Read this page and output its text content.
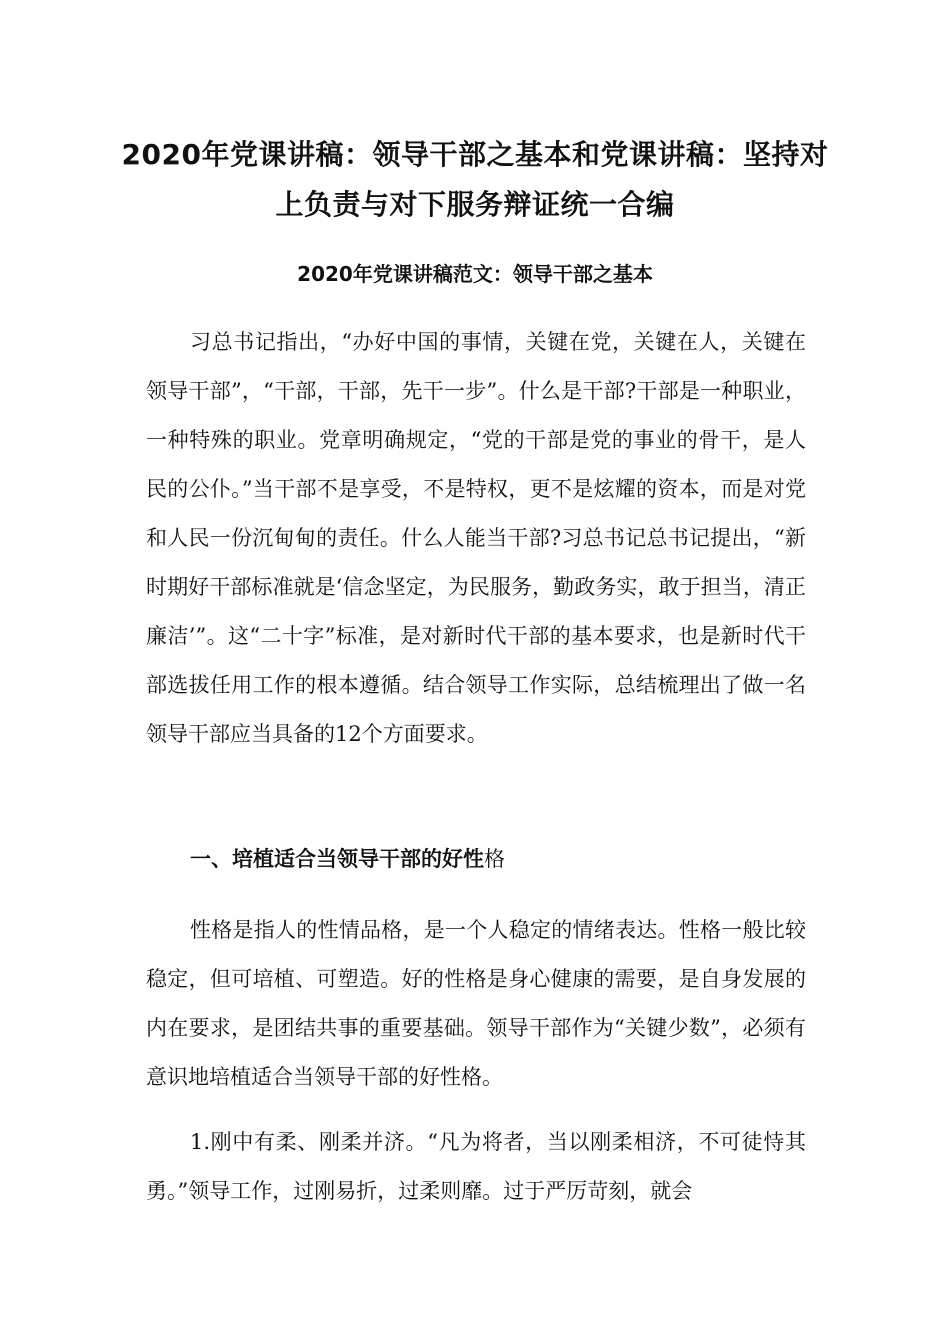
2020年党课讲稿：领导干部之基本和党课讲稿：坚持对上负责与对下服务辩证统一合编
2020年党课讲稿范文：领导干部之基本

习总书记指出，“办好中国的事情，关键在党，关键在人，关键在领导干部”，“干部，干部，先干一步”。什么是干部?干部是一种职业，一种特殊的职业。党章明确规定，“党的干部是党的事业的骨干，是人民的公仆。”当干部不是享受，不是特权，更不是炫耀的资本，而是对党和人民一份沉甸甸的责任。什么人能当干部?习总书记总书记提出，“新时期好干部标准就是‘信念坚定，为民服务，勤政务实，敢于担当，清正廉洁’”。这“二十字”标准，是对新时代干部的基本要求，也是新时代干部选拔任用工作的根本遵循。结合领导工作实际，总结梳理出了做一名领导干部应当具备的12个方面要求。

一、培植适合当领导干部的好性格

性格是指人的性情品格，是一个人稳定的情绪表达。性格一般比较稳定，但可培植、可塑造。好的性格是身心健康的需要，是自身发展的内在要求，是团结共事的重要基础。领导干部作为“关键少数”，必须有意识地培植适合当领导干部的好性格。

1.刚中有柔、刚柔并济。“凡为将者，当以刚柔相济，不可徒恃其勇。”领导工作，过刚易折，过柔则靡。过于严厉苛刻，就会
